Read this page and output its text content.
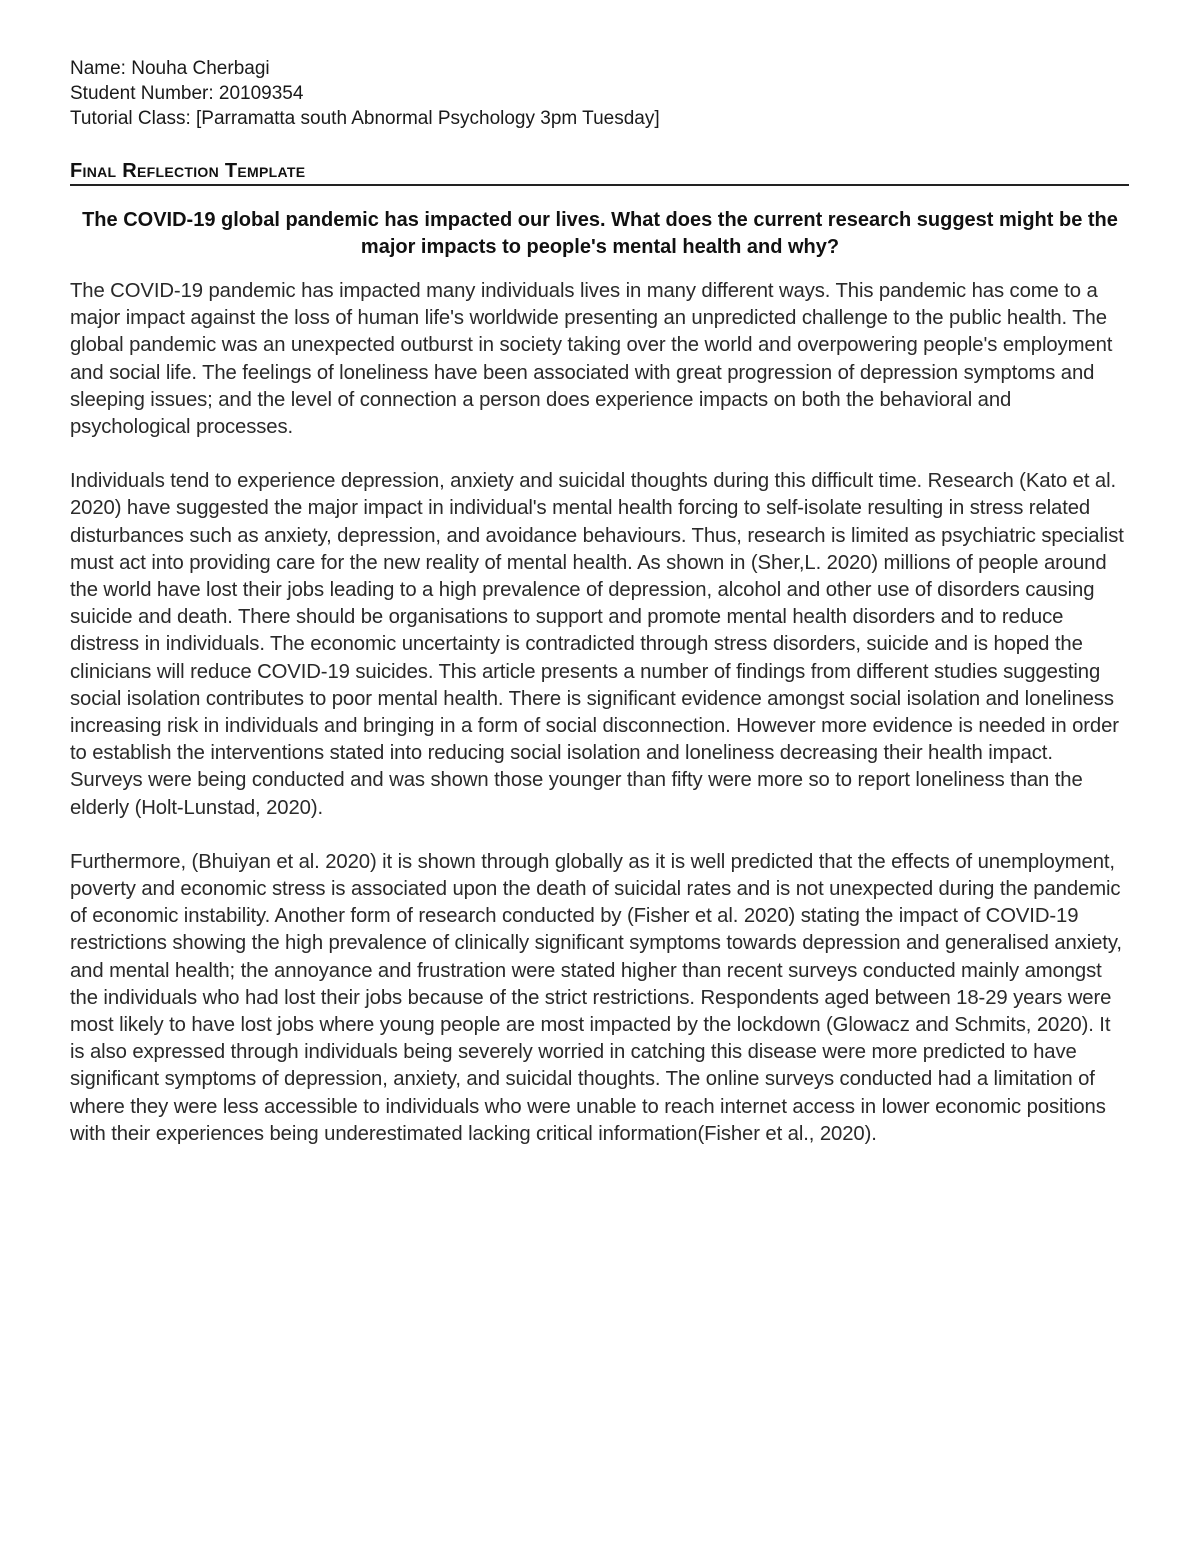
Name: Nouha Cherbagi
Student Number: 20109354
Tutorial Class: [Parramatta south Abnormal Psychology 3pm Tuesday]
Final Reflection Template
The COVID-19 global pandemic has impacted our lives. What does the current research suggest might be the major impacts to people's mental health and why?

The COVID-19 pandemic has impacted many individuals lives in many different ways. This pandemic has come to a major impact against the loss of human life's worldwide presenting an unpredicted challenge to the public health. The global pandemic was an unexpected outburst in society taking over the world and overpowering people's employment and social life. The feelings of loneliness have been associated with great progression of depression symptoms and sleeping issues; and the level of connection a person does experience impacts on both the behavioral and psychological processes.

Individuals tend to experience depression, anxiety and suicidal thoughts during this difficult time. Research (Kato et al. 2020) have suggested the major impact in individual's mental health forcing to self-isolate resulting in stress related disturbances such as anxiety, depression, and avoidance behaviours. Thus, research is limited as psychiatric specialist must act into providing care for the new reality of mental health. As shown in (Sher,L. 2020) millions of people around the world have lost their jobs leading to a high prevalence of depression, alcohol and other use of disorders causing suicide and death. There should be organisations to support and promote mental health disorders and to reduce distress in individuals. The economic uncertainty is contradicted through stress disorders, suicide and is hoped the clinicians will reduce COVID-19 suicides. This article presents a number of findings from different studies suggesting social isolation contributes to poor mental health. There is significant evidence amongst social isolation and loneliness increasing risk in individuals and bringing in a form of social disconnection. However more evidence is needed in order to establish the interventions stated into reducing social isolation and loneliness decreasing their health impact. Surveys were being conducted and was shown those younger than fifty were more so to report loneliness than the elderly (Holt-Lunstad, 2020).

Furthermore, (Bhuiyan et al. 2020) it is shown through globally as it is well predicted that the effects of unemployment, poverty and economic stress is associated upon the death of suicidal rates and is not unexpected during the pandemic of economic instability. Another form of research conducted by (Fisher et al. 2020) stating the impact of COVID-19 restrictions showing the high prevalence of clinically significant symptoms towards depression and generalised anxiety, and mental health; the annoyance and frustration were stated higher than recent surveys conducted mainly amongst the individuals who had lost their jobs because of the strict restrictions. Respondents aged between 18-29 years were most likely to have lost jobs where young people are most impacted by the lockdown (Glowacz and Schmits, 2020). It is also expressed through individuals being severely worried in catching this disease were more predicted to have significant symptoms of depression, anxiety, and suicidal thoughts. The online surveys conducted had a limitation of where they were less accessible to individuals who were unable to reach internet access in lower economic positions with their experiences being underestimated lacking critical information(Fisher et al., 2020).
